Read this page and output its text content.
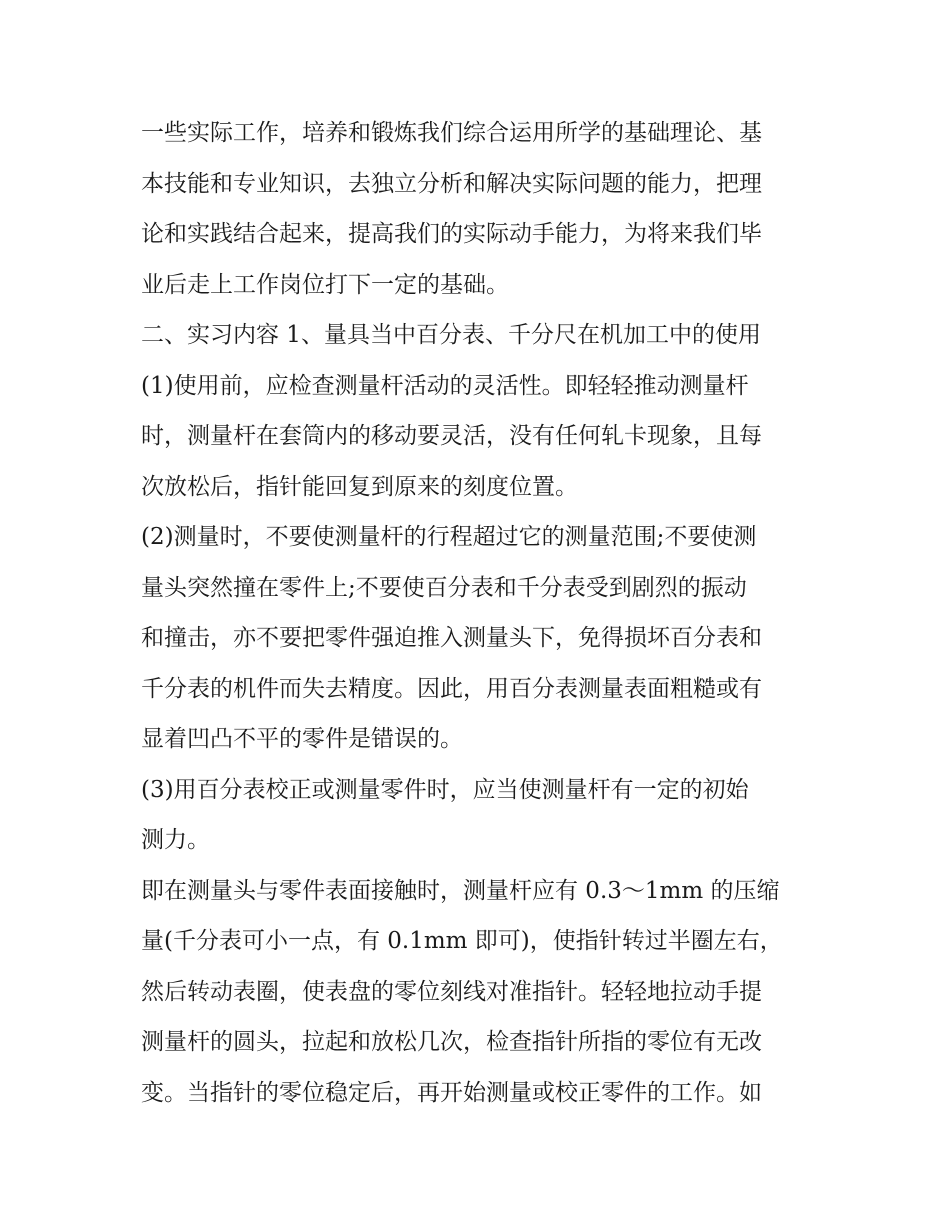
一些实际工作，培养和锻炼我们综合运用所学的基础理论、基
本技能和专业知识，去独立分析和解决实际问题的能力，把理
论和实践结合起来，提高我们的实际动手能力，为将来我们毕
业后走上工作岗位打下一定的基础。
二、实习内容 1、量具当中百分表、千分尺在机加工中的使用
(1)使用前，应检查测量杆活动的灵活性。即轻轻推动测量杆
时，测量杆在套筒内的移动要灵活，没有任何轧卡现象，且每
次放松后，指针能回复到原来的刻度位置。
(2)测量时，不要使测量杆的行程超过它的测量范围;不要使测
量头突然撞在零件上;不要使百分表和千分表受到剧烈的振动
和撞击，亦不要把零件强迫推入测量头下，免得损坏百分表和
千分表的机件而失去精度。因此，用百分表测量表面粗糙或有
显着凹凸不平的零件是错误的。
(3)用百分表校正或测量零件时，应当使测量杆有一定的初始
测力。
即在测量头与零件表面接触时，测量杆应有 0.3～1mm 的压缩
量(千分表可小一点，有 0.1mm 即可)，使指针转过半圈左右，
然后转动表圈，使表盘的零位刻线对准指针。轻轻地拉动手提
测量杆的圆头，拉起和放松几次，检查指针所指的零位有无改
变。当指针的零位稳定后，再开始测量或校正零件的工作。如
